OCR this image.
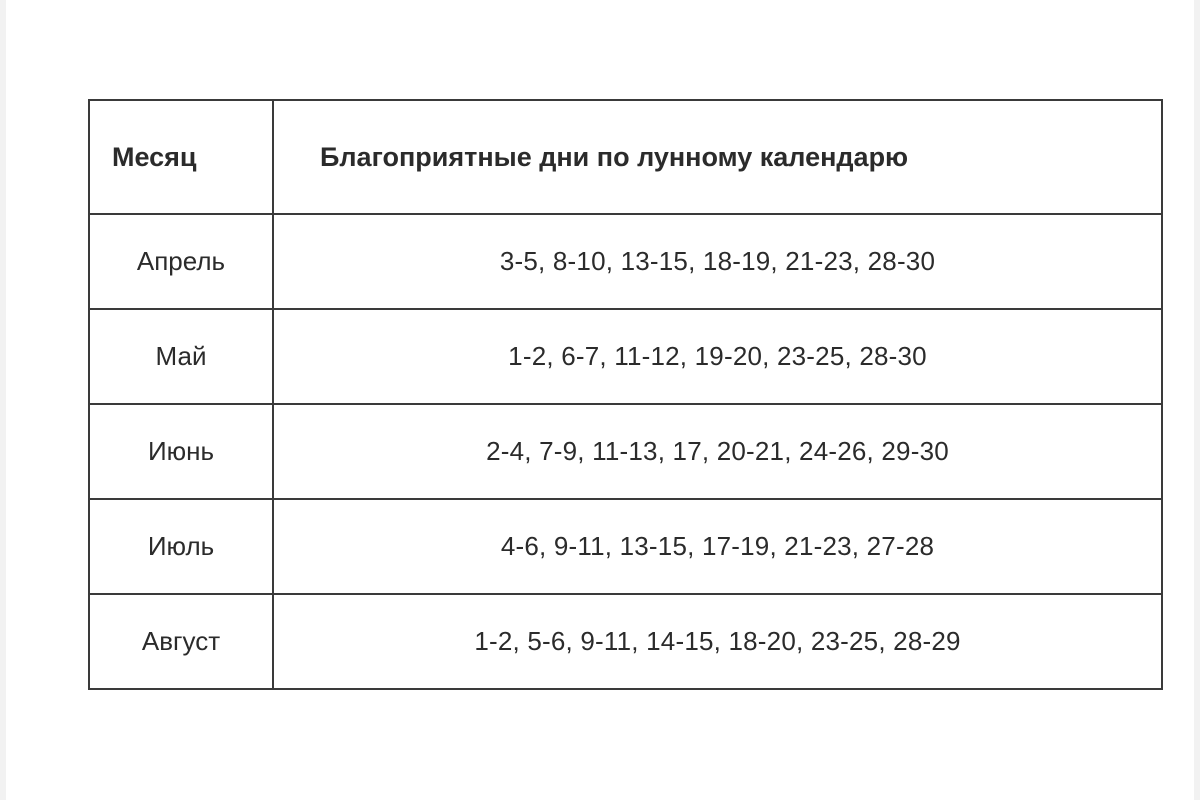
Месяц	Благоприятные дни по лунному календарю
Апрель	3-5, 8-10, 13-15, 18-19, 21-23, 28-30
Май	1-2, 6-7, 11-12, 19-20, 23-25, 28-30
Июнь	2-4, 7-9, 11-13, 17, 20-21, 24-26, 29-30
Июль	4-6, 9-11, 13-15, 17-19, 21-23, 27-28
Август	1-2, 5-6, 9-11, 14-15, 18-20, 23-25, 28-29
